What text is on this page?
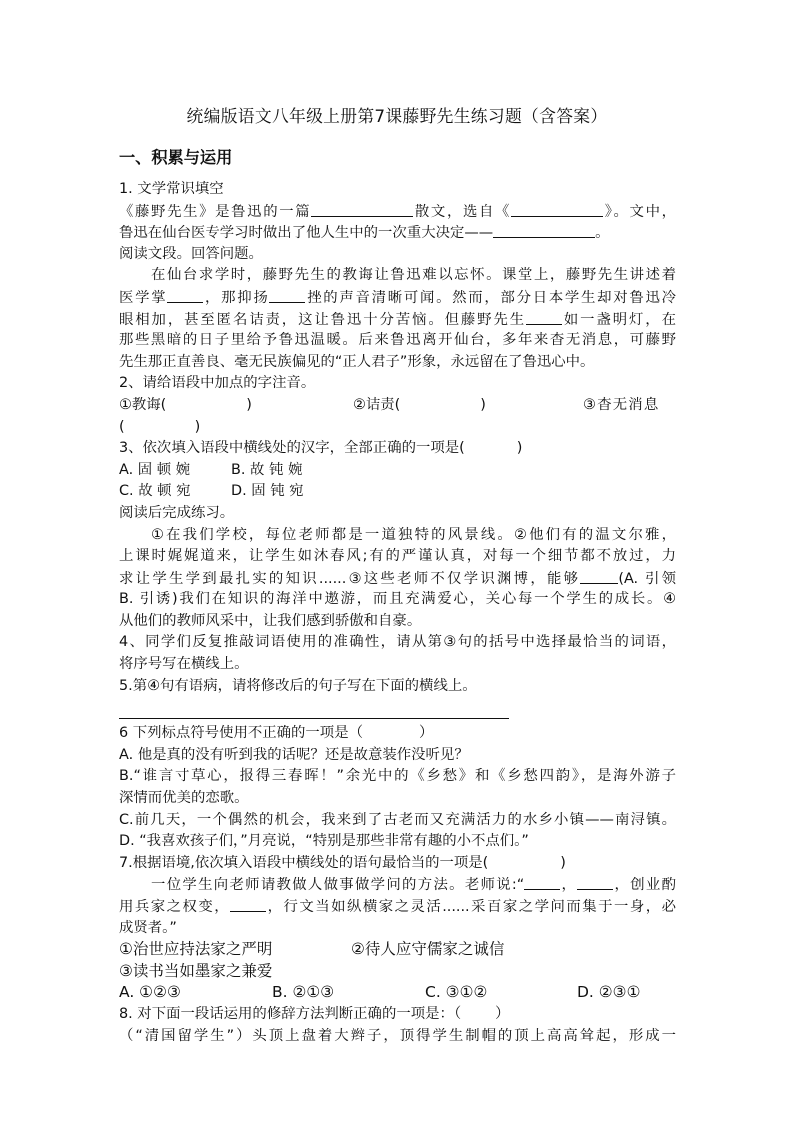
统编版语文八年级上册第7课藤野先生练习题（含答案）
一、积累与运用
1. 文学常识填空
《藤野先生》是鲁迅的一篇	散文，选自《	》。文中，
鲁迅在仙台医专学习时做出了他人生中的一次重大决定——	。
阅读文段。回答问题。
在仙台求学时，藤野先生的教诲让鲁迅难以忘怀。课堂上，藤野先生讲述着
医学掌	，那抑扬	挫的声音清晰可闻。然而，部分日本学生却对鲁迅冷
眼相加，甚至匿名诘责，这让鲁迅十分苦恼。但藤野先生	如一盏明灯，在
那些黑暗的日子里给予鲁迅温暖。后来鲁迅离开仙台，多年来杳无消息，可藤野
先生那正直善良、毫无民族偏见的“正人君子”形象，永远留在了鲁迅心中。
2、请给语段中加点的字注音。
①教诲(	)	②诘责(	)	③杳无消息
(	)
3、依次填入语段中横线处的汉字，全部正确的一项是(	)
A. 固 顿 婉	B. 故 钝 婉
C. 故 顿 宛	D. 固 钝 宛
阅读后完成练习。
①在我们学校，每位老师都是一道独特的风景线。②他们有的温文尔雅，
上课时娓娓道来，让学生如沐春风;有的严谨认真，对每一个细节都不放过，力
求让学生学到最扎实的知识......③这些老师不仅学识渊博，能够	(A. 引领
B. 引诱)我们在知识的海洋中遨游，而且充满爱心，关心每一个学生的成长。④
从他们的教师风采中，让我们感到骄傲和自豪。
4、同学们反复推敲词语使用的准确性，请从第③句的括号中选择最恰当的词语，
将序号写在横线上。
5.第④句有语病，请将修改后的句子写在下面的横线上。
6 下列标点符号使用不正确的一项是（	）
A. 他是真的没有听到我的话呢？还是故意装作没听见？
B.“谁言寸草心，报得三春晖！”余光中的《乡愁》和《乡愁四韵》，是海外游子
深情而优美的恋歌。
C.前几天，一个偶然的机会，我来到了古老而又充满活力的水乡小镇——南浔镇。
D. “我喜欢孩子们，”月亮说，“特别是那些非常有趣的小不点们。”
7.根据语境,依次填入语段中横线处的语句最恰当的一项是(	)
一位学生向老师请教做人做事做学问的方法。老师说:“	，	，创业酌
用兵家之权变，	，行文当如纵横家之灵活......采百家之学问而集于一身，必
成贤者。”
①治世应持法家之严明	②待人应守儒家之诚信
③读书当如墨家之兼爱
A. ①②③	B. ②①③	C. ③①②	D. ②③①
8. 对下面一段话运用的修辞方法判断正确的一项是：（ ）
（“清国留学生”）头顶上盘着大辫子，顶得学生制帽的顶上高高耸起，形成一
